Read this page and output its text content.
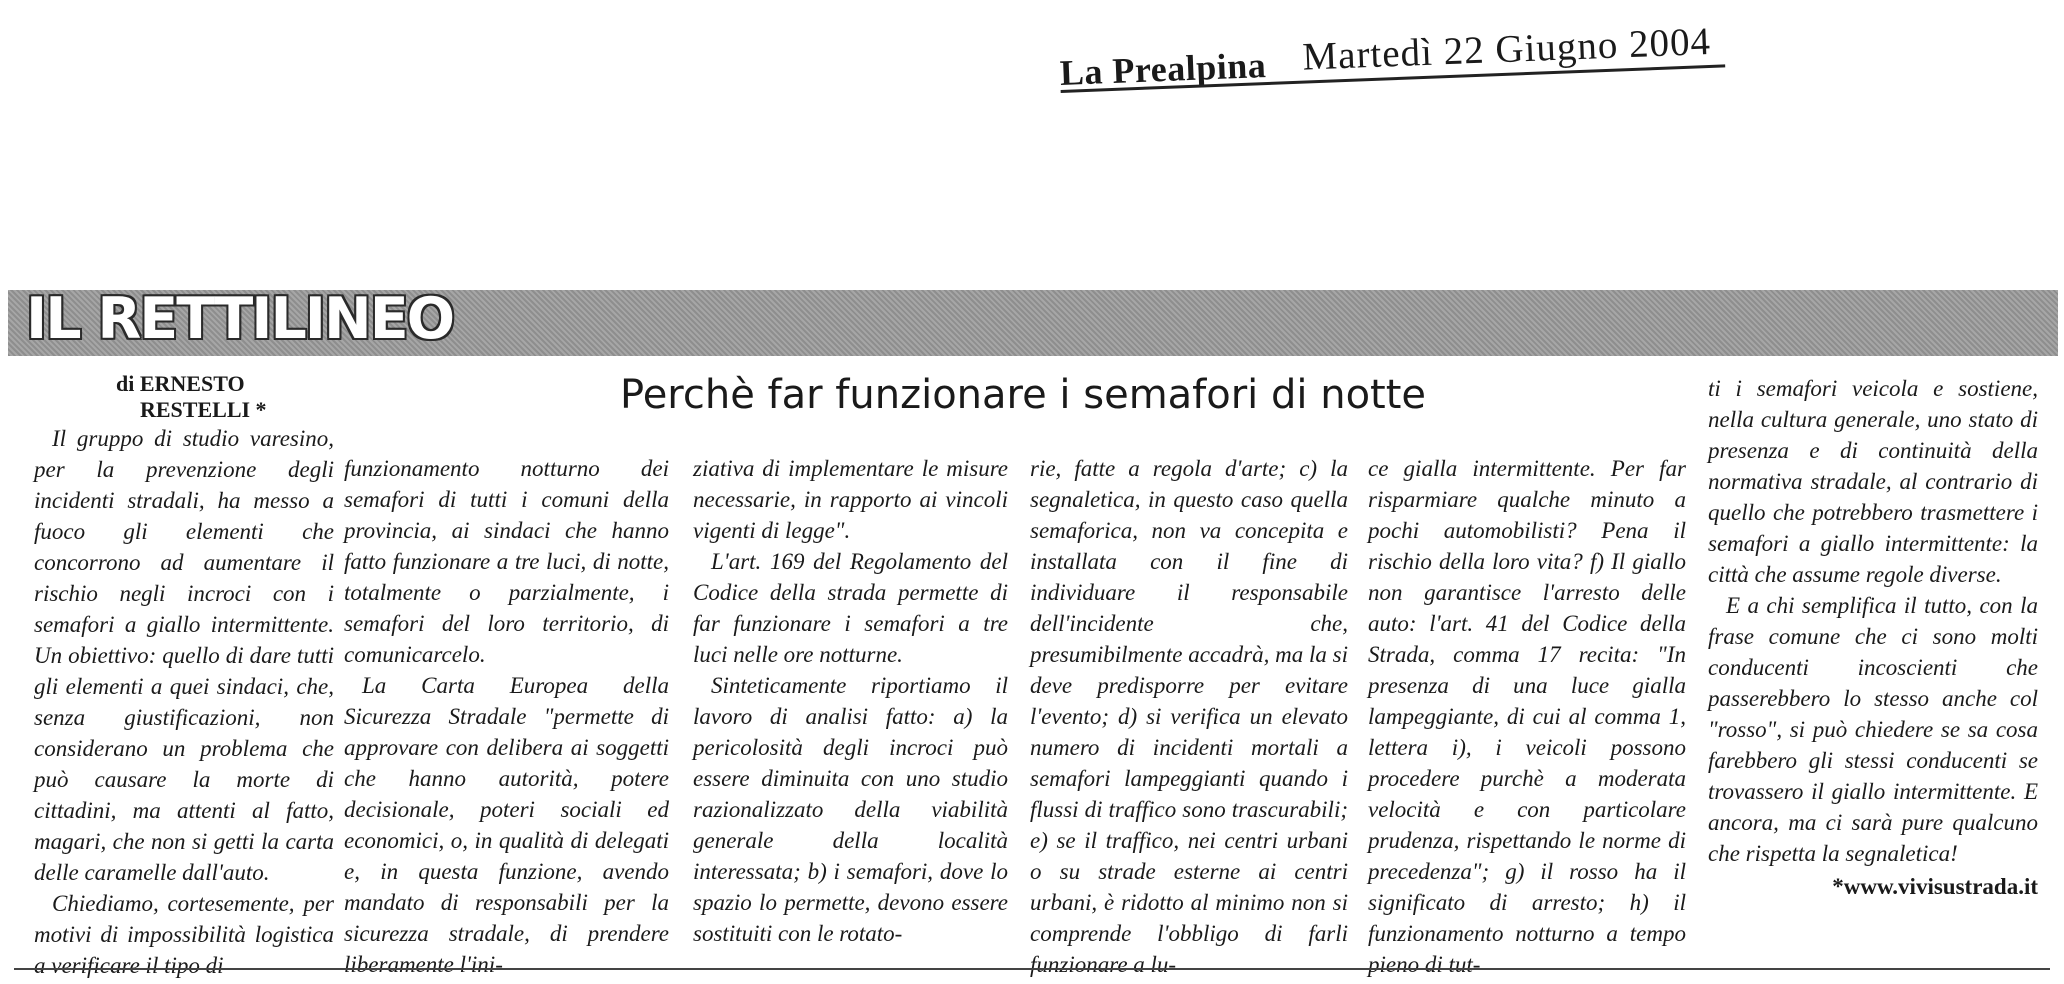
La Prealpina Martedì 22 Giugno 2004
IL RETTILINEO
di ERNESTO
RESTELLI *	Perchè far funzionare i semafori di notte

Il gruppo di studio varesino, per la prevenzione degli incidenti stradali, ha messo a fuoco gli elementi che concorrono ad aumentare il rischio negli incroci con i semafori a giallo intermittente. Un obiettivo: quello di dare tutti gli elementi a quei sindaci, che, senza giustificazioni, non considerano un problema che può causare la morte di cittadini, ma attenti al fatto, magari, che non si getti la carta delle caramelle dall'auto.

Chiediamo, cortesemente, per motivi di impossibilità logistica a verificare il tipo di

funzionamento notturno dei semafori di tutti i comuni della provincia, ai sindaci che hanno fatto funzionare a tre luci, di notte, totalmente o parzialmente, i semafori del loro territorio, di comunicarcelo.

La Carta Europea della Sicurezza Stradale "permette di approvare con delibera ai soggetti che hanno autorità, potere decisionale, poteri sociali ed economici, o, in qualità di delegati e, in questa funzione, avendo mandato di responsabili per la sicurezza stradale, di prendere liberamente l'ini-

ziativa di implementare le misure necessarie, in rapporto ai vincoli vigenti di legge".

L'art. 169 del Regolamento del Codice della strada permette di far funzionare i semafori a tre luci nelle ore notturne.

Sinteticamente riportiamo il lavoro di analisi fatto: a) la pericolosità degli incroci può essere diminuita con uno studio razionalizzato della viabilità generale della località interessata; b) i semafori, dove lo spazio lo permette, devono essere sostituiti con le rotato-

rie, fatte a regola d'arte; c) la segnaletica, in questo caso quella semaforica, non va concepita e installata con il fine di individuare il responsabile dell'incidente che, presumibilmente accadrà, ma la si deve predisporre per evitare l'evento; d) si verifica un elevato numero di incidenti mortali a semafori lampeggianti quando i flussi di traffico sono trascurabili; e) se il traffico, nei centri urbani o su strade esterne ai centri urbani, è ridotto al minimo non si comprende l'obbligo di farli funzionare a lu-

ce gialla intermittente. Per far risparmiare qualche minuto a pochi automobilisti? Pena il rischio della loro vita? f) Il giallo non garantisce l'arresto delle auto: l'art. 41 del Codice della Strada, comma 17 recita: "In presenza di una luce gialla lampeggiante, di cui al comma 1, lettera i), i veicoli possono procedere purchè a moderata velocità e con particolare prudenza, rispettando le norme di precedenza"; g) il rosso ha il significato di arresto; h) il funzionamento notturno a tempo pieno di tut-

ti i semafori veicola e sostiene, nella cultura generale, uno stato di presenza e di continuità della normativa stradale, al contrario di quello che potrebbero trasmettere i semafori a giallo intermittente: la città che assume regole diverse.

E a chi semplifica il tutto, con la frase comune che ci sono molti conducenti incoscienti che passerebbero lo stesso anche col "rosso", si può chiedere se sa cosa farebbero gli stessi conducenti se trovassero il giallo intermittente. E ancora, ma ci sarà pure qualcuno che rispetta la segnaletica!

*www.vivisustrada.it
